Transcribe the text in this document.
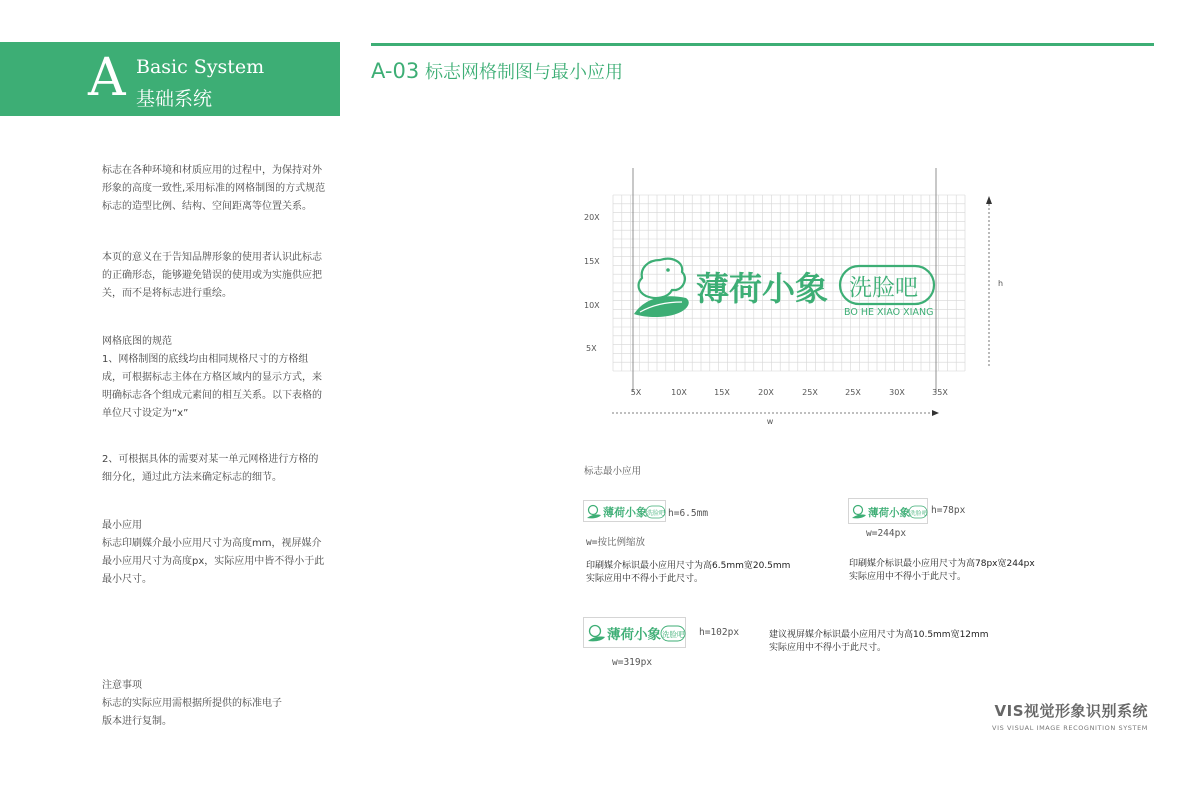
A Basic System
基础系统
A-03 标志网格制图与最小应用

标志在各种环境和材质应用的过程中，为保持对外

形象的高度一致性,采用标准的网格制图的方式规范

标志的造型比例、结构、空间距离等位置关系。

本页的意义在于告知品牌形象的使用者认识此标志

的正确形态，能够避免错误的使用或为实施供应把

关，而不是将标志进行重绘。

网格底图的规范

1、网格制图的底线均由相同规格尺寸的方格组

成，可根据标志主体在方格区域内的显示方式，来

明确标志各个组成元素间的相互关系。以下表格的

单位尺寸设定为“x”

2、可根据具体的需要对某一单元网格进行方格的

细分化，通过此方法来确定标志的细节。

最小应用

标志印刷媒介最小应用尺寸为高度mm，视屏媒介

最小应用尺寸为高度px，实际应用中皆不得小于此

最小尺寸。

注意事项

标志的实际应用需根据所提供的标准电子

版本进行复制。

20X
15X
10X
5X
5X	10X	15X	20X	25X	25X	30X	35X
w
h
薄荷小象 洗脸吧
BO HE XIAO XIANG
标志最小应用
薄荷小象 洗脸吧 h=6.5mm
w=按比例缩放
印刷媒介标识最小应用尺寸为高6.5mm宽20.5mm
实际应用中不得小于此尺寸。
薄荷小象 洗脸吧 h=78px
w=244px
印刷媒介标识最小应用尺寸为高78px宽244px
实际应用中不得小于此尺寸。
薄荷小象 洗脸吧 h=102px
w=319px
建议视屏媒介标识最小应用尺寸为高10.5mm宽12mm
实际应用中不得小于此尺寸。
VIS视觉形象识别系统
VIS VISUAL IMAGE RECOGNITION SYSTEM
